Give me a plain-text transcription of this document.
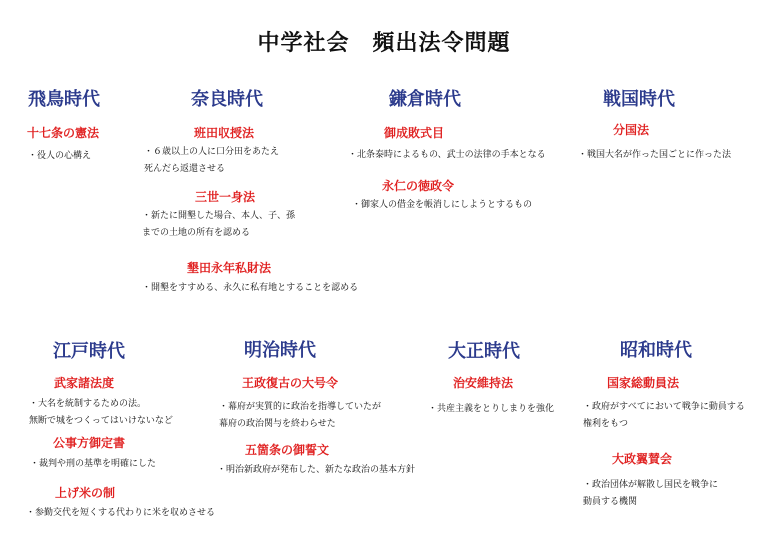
中学社会　頻出法令問題
飛鳥時代
十七条の憲法
・役人の心構え
奈良時代
班田収授法
・６歳以上の人に口分田をあたえ
死んだら返還させる
三世一身法
・新たに開墾した場合、本人、子、孫
までの土地の所有を認める
墾田永年私財法
・開墾をすすめる、永久に私有地とすることを認める
鎌倉時代
御成敗式目
・北条泰時によるもの、武士の法律の手本となる
永仁の徳政令
・御家人の借金を帳消しにしようとするもの
戦国時代
分国法
・戦国大名が作った国ごとに作った法
江戸時代
武家諸法度
・大名を統制するための法。
無断で城をつくってはいけないなど
公事方御定書
・裁判や刑の基準を明確にした
上げ米の制
・参勤交代を短くする代わりに米を収めさせる
明治時代
王政復古の大号令
・幕府が実質的に政治を指導していたが
幕府の政治関与を終わらせた
五箇条の御誓文
・明治新政府が発布した、新たな政治の基本方針
大正時代
治安維持法
・共産主義をとりしまりを強化
昭和時代
国家総動員法
・政府がすべてにおいて戦争に動員する
権利をもつ
大政翼賛会
・政治団体が解散し国民を戦争に
動員する機関
